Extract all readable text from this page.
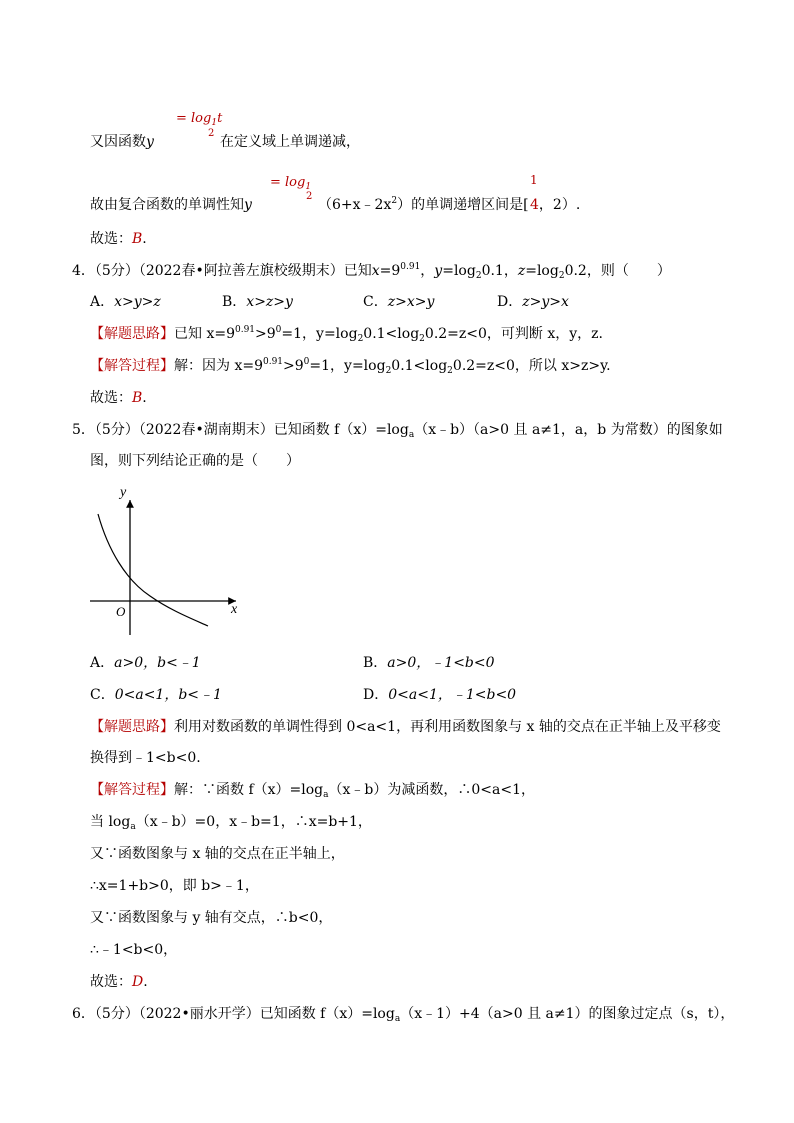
= $\log_1t$
2
又因函数y	在定义域上单调递减，
= $\log_1$
2
故由复合函数的单调性知y	$(6+x﹣2x^2)$的单调递增区间是[
1
4，2）.
故选：B.
4．（5分）（2022春•阿拉善左旗校级期末）已知$x=9^{0.91}$，$y=\log_20.1$，$z=\log_20.2$，则（　　）
A．x>y>z	B．x>z>y	C．z>x>y	D．z>y>x
【解题思路】已知 $x=9^{0.91}>9^0=1$，$y=\log_20.1<\log_20.2=z<0$，可判断 x，y，z.
【解答过程】解：因为 $x=9^{0.91}>9^0=1$，$y=\log_20.1<\log_20.2=z<0$，所以 x>z>y.
故选：B.
5．（5分）（2022春•湖南期末）已知函数 $f(x)=\log_a(x﹣b)(a>0$ 且 a≠1，a，b 为常数）的图象如
图，则下列结论正确的是（　　）
y
x
O
A．a>0，b<﹣1	B．a>0，﹣1<b<0
C．0<a<1，b<﹣1	D．0<a<1，﹣1<b<0
【解题思路】利用对数函数的单调性得到 0<a<1，再利用函数图象与 x 轴的交点在正半轴上及平移变
换得到﹣1<b<0.
【解答过程】解：∵函数 $f(x)=\log_a(x﹣b)$为减函数，∴0<a<1，
当 $\log_a(x﹣b)=0$，x﹣b=1，∴x=b+1，
又∵函数图象与 x 轴的交点在正半轴上，
∴x=1+b>0，即 b>﹣1，
又∵函数图象与 y 轴有交点，∴b<0，
∴﹣1<b<0，
故选：D.
6．（5分）（2022•丽水开学）已知函数 $f(x)=\log_a(x﹣1)+4(a>0$ 且 a≠1）的图象过定点（s，t），
